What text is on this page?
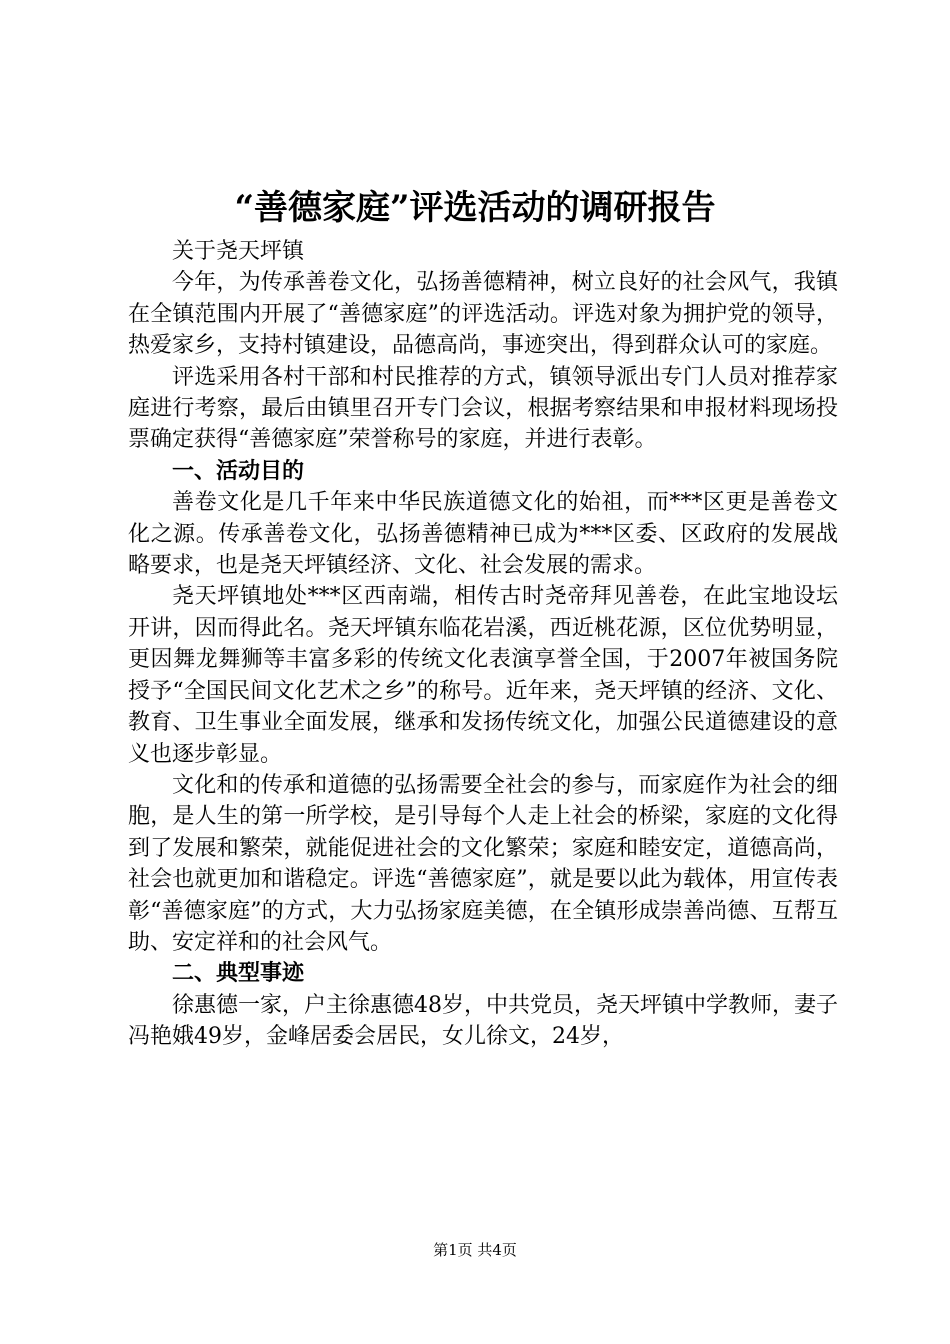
“善德家庭”评选活动的调研报告

关于尧天坪镇

今年，为传承善卷文化，弘扬善德精神，树立良好的社会风气，我镇在全镇范围内开展了“善德家庭”的评选活动。评选对象为拥护党的领导，热爱家乡，支持村镇建设，品德高尚，事迹突出，得到群众认可的家庭。

评选采用各村干部和村民推荐的方式，镇领导派出专门人员对推荐家庭进行考察，最后由镇里召开专门会议，根据考察结果和申报材料现场投票确定获得“善德家庭”荣誉称号的家庭，并进行表彰。

一、活动目的

善卷文化是几千年来中华民族道德文化的始祖，而***区更是善卷文化之源。传承善卷文化，弘扬善德精神已成为***区委、区政府的发展战略要求，也是尧天坪镇经济、文化、社会发展的需求。

尧天坪镇地处***区西南端，相传古时尧帝拜见善卷，在此宝地设坛开讲，因而得此名。尧天坪镇东临花岩溪，西近桃花源，区位优势明显，更因舞龙舞狮等丰富多彩的传统文化表演享誉全国，于2007年被国务院授予“全国民间文化艺术之乡”的称号。近年来，尧天坪镇的经济、文化、教育、卫生事业全面发展，继承和发扬传统文化，加强公民道德建设的意义也逐步彰显。

文化和的传承和道德的弘扬需要全社会的参与，而家庭作为社会的细胞，是人生的第一所学校，是引导每个人走上社会的桥梁，家庭的文化得到了发展和繁荣，就能促进社会的文化繁荣；家庭和睦安定，道德高尚，社会也就更加和谐稳定。评选“善德家庭”，就是要以此为载体，用宣传表彰“善德家庭”的方式，大力弘扬家庭美德，在全镇形成崇善尚德、互帮互助、安定祥和的社会风气。

二、典型事迹

徐惠德一家，户主徐惠德48岁，中共党员，尧天坪镇中学教师，妻子冯艳娥49岁，金峰居委会居民，女儿徐文，24岁，

第1页 共4页
